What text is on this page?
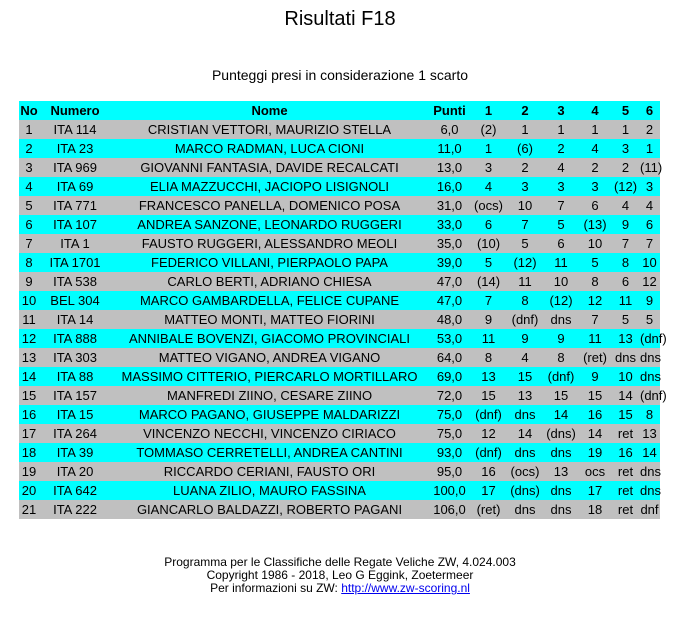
Risultati F18
Punteggi presi in considerazione 1 scarto
No	Numero	Nome	Punti	1	2	3	4	5	6
1	ITA 114	CRISTIAN VETTORI, MAURIZIO STELLA	6,0	(2)	1	1	1	1	2
2	ITA 23	MARCO RADMAN, LUCA CIONI	11,0	1	(6)	2	4	3	1
3	ITA 969	GIOVANNI FANTASIA, DAVIDE RECALCATI	13,0	3	2	4	2	2	(11)
4	ITA 69	ELIA MAZZUCCHI, JACIOPO LISIGNOLI	16,0	4	3	3	3	(12)	3
5	ITA 771	FRANCESCO PANELLA, DOMENICO POSA	31,0	(ocs)	10	7	6	4	4
6	ITA 107	ANDREA SANZONE, LEONARDO RUGGERI	33,0	6	7	5	(13)	9	6
7	ITA 1	FAUSTO RUGGERI, ALESSANDRO MEOLI	35,0	(10)	5	6	10	7	7
8	ITA 1701	FEDERICO VILLANI, PIERPAOLO PAPA	39,0	5	(12)	11	5	8	10
9	ITA 538	CARLO BERTI, ADRIANO CHIESA	47,0	(14)	11	10	8	6	12
10	BEL 304	MARCO GAMBARDELLA, FELICE CUPANE	47,0	7	8	(12)	12	11	9
11	ITA 14	MATTEO MONTI, MATTEO FIORINI	48,0	9	(dnf)	dns	7	5	5
12	ITA 888	ANNIBALE BOVENZI, GIACOMO PROVINCIALI	53,0	11	9	9	11	13	(dnf)
13	ITA 303	MATTEO VIGANO, ANDREA VIGANO	64,0	8	4	8	(ret)	dns	dns
14	ITA 88	MASSIMO CITTERIO, PIERCARLO MORTILLARO	69,0	13	15	(dnf)	9	10	dns
15	ITA 157	MANFREDI ZIINO, CESARE ZIINO	72,0	15	13	15	15	14	(dnf)
16	ITA 15	MARCO PAGANO, GIUSEPPE MALDARIZZI	75,0	(dnf)	dns	14	16	15	8
17	ITA 264	VINCENZO NECCHI, VINCENZO CIRIACO	75,0	12	14	(dns)	14	ret	13
18	ITA 39	TOMMASO CERRETELLI, ANDREA CANTINI	93,0	(dnf)	dns	dns	19	16	14
19	ITA 20	RICCARDO CERIANI, FAUSTO ORI	95,0	16	(ocs)	13	ocs	ret	dns
20	ITA 642	LUANA ZILIO, MAURO FASSINA	100,0	17	(dns)	dns	17	ret	dns
21	ITA 222	GIANCARLO BALDAZZI, ROBERTO PAGANI	106,0	(ret)	dns	dns	18	ret	dnf
Programma per le Classifiche delle Regate Veliche ZW, 4.024.003
Copyright 1986 - 2018, Leo G Eggink, Zoetermeer
Per informazioni su ZW: http://www.zw-scoring.nl
